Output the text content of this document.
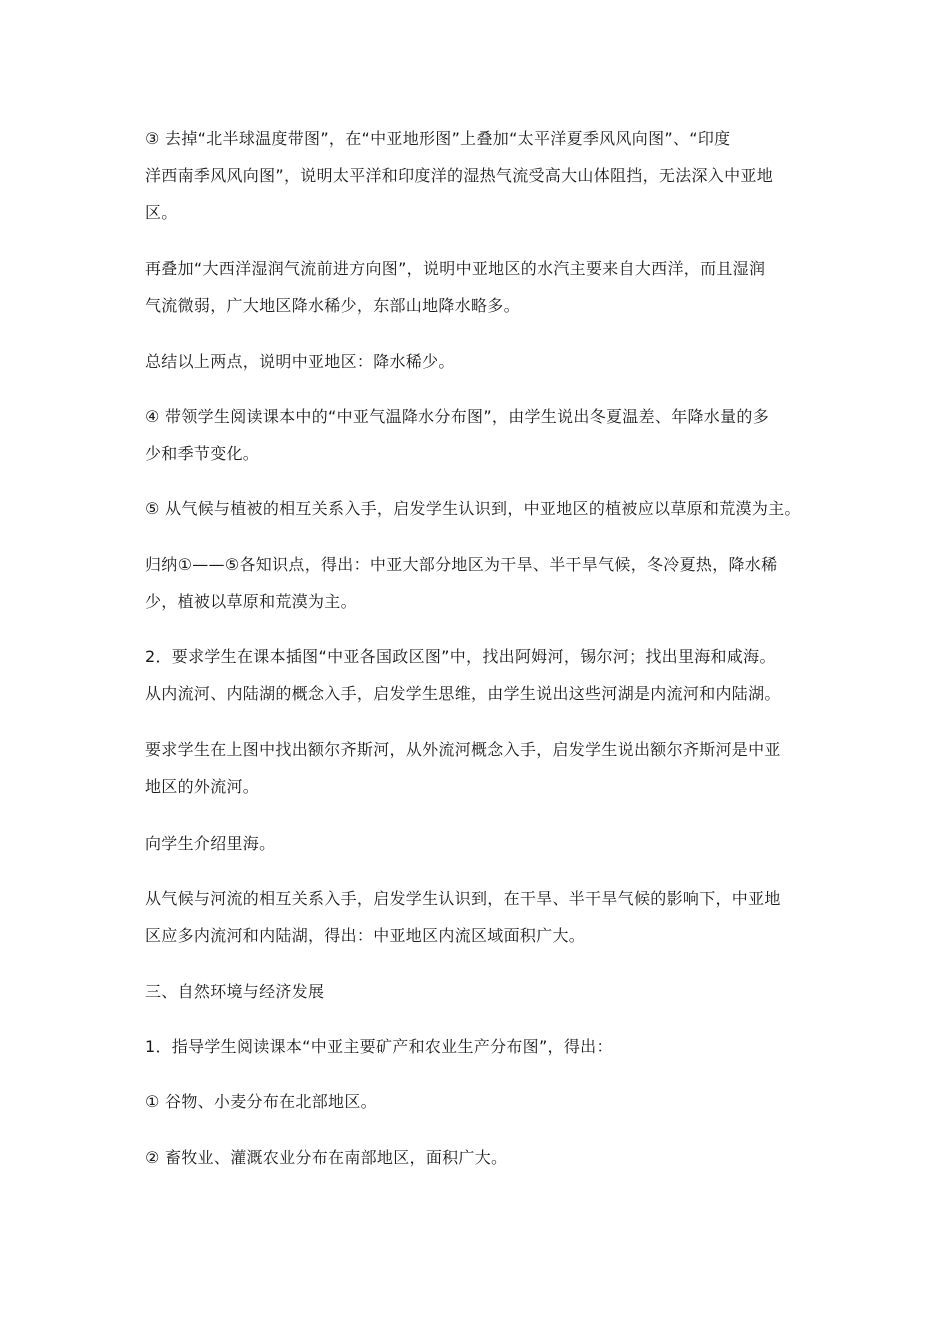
③ 去掉“北半球温度带图”，在“中亚地形图”上叠加“太平洋夏季风风向图”、“印度
洋西南季风风向图”，说明太平洋和印度洋的湿热气流受高大山体阻挡，无法深入中亚地
区。
再叠加“大西洋湿润气流前进方向图”，说明中亚地区的水汽主要来自大西洋，而且湿润
气流微弱，广大地区降水稀少，东部山地降水略多。
总结以上两点，说明中亚地区：降水稀少。
④ 带领学生阅读课本中的“中亚气温降水分布图”，由学生说出冬夏温差、年降水量的多
少和季节变化。
⑤ 从气候与植被的相互关系入手，启发学生认识到，中亚地区的植被应以草原和荒漠为主。
归纳①——⑤各知识点，得出：中亚大部分地区为干旱、半干旱气候，冬冷夏热，降水稀
少，植被以草原和荒漠为主。
2．要求学生在课本插图“中亚各国政区图”中，找出阿姆河，锡尔河；找出里海和咸海。
从内流河、内陆湖的概念入手，启发学生思维，由学生说出这些河湖是内流河和内陆湖。
要求学生在上图中找出额尔齐斯河，从外流河概念入手，启发学生说出额尔齐斯河是中亚
地区的外流河。
向学生介绍里海。
从气候与河流的相互关系入手，启发学生认识到，在干旱、半干旱气候的影响下，中亚地
区应多内流河和内陆湖，得出：中亚地区内流区域面积广大。
三、自然环境与经济发展
1．指导学生阅读课本“中亚主要矿产和农业生产分布图”，得出：
① 谷物、小麦分布在北部地区。
② 畜牧业、灌溉农业分布在南部地区，面积广大。
